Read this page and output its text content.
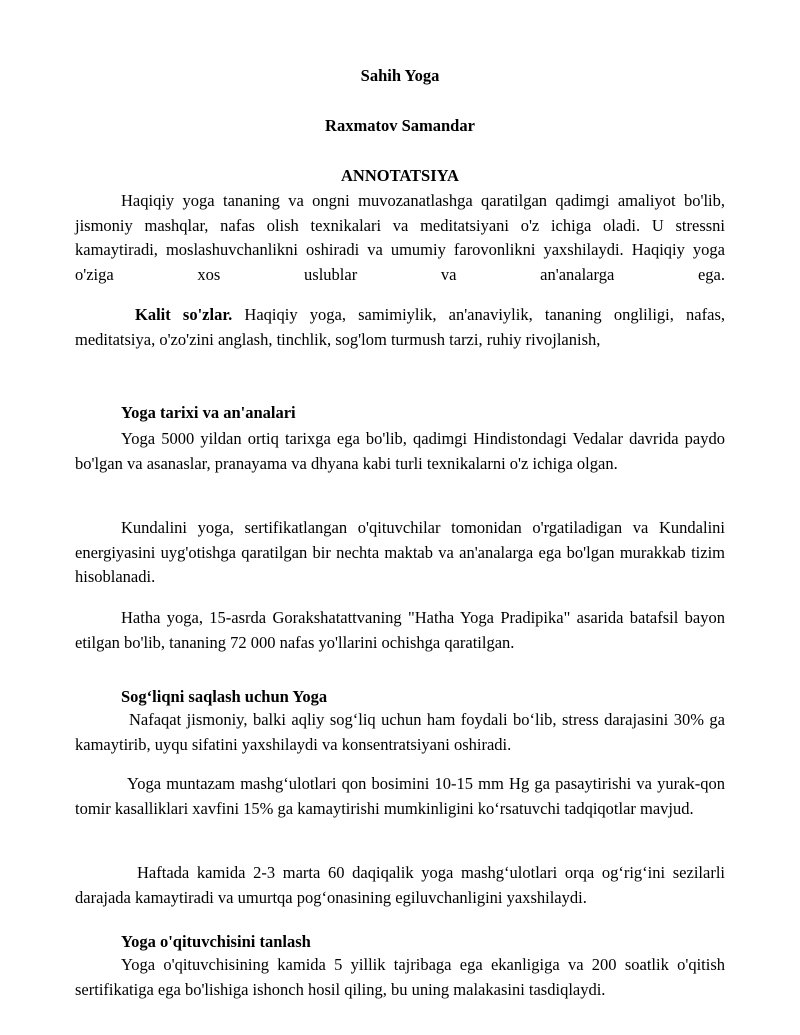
Sahih Yoga
Raxmatov Samandar
ANNOTATSIYA
Haqiqiy yoga tananing va ongni muvozanatlashga qaratilgan qadimgi amaliyot bo'lib, jismoniy mashqlar, nafas olish texnikalari va meditatsiyani o'z ichiga oladi. U stressni kamaytiradi, moslashuvchanlikni oshiradi va umumiy farovonlikni yaxshilaydi. Haqiqiy yoga o'ziga xos uslublar va an'analarga ega.
Kalit so'zlar. Haqiqiy yoga, samimiylik, an'anaviylik, tananing ongliligi, nafas, meditatsiya, o'zo'zini anglash, tinchlik, sog'lom turmush tarzi, ruhiy rivojlanish,
Yoga tarixi va an'analari
Yoga 5000 yildan ortiq tarixga ega bo'lib, qadimgi Hindistondagi Vedalar davrida paydo bo'lgan va asanaslar, pranayama va dhyana kabi turli texnikalarni o'z ichiga olgan.
Kundalini yoga, sertifikatlangan o'qituvchilar tomonidan o'rgatiladigan va Kundalini energiyasini uyg'otishga qaratilgan bir nechta maktab va an'analarga ega bo'lgan murakkab tizim hisoblanadi.
Hatha yoga, 15-asrda Gorakshatattvaning "Hatha Yoga Pradipika" asarida batafsil bayon etilgan bo'lib, tananing 72 000 nafas yo'llarini ochishga qaratilgan.
Sog‘liqni saqlash uchun Yoga
Nafaqat jismoniy, balki aqliy sog‘liq uchun ham foydali bo‘lib, stress darajasini 30% ga kamaytirib, uyqu sifatini yaxshilaydi va konsentratsiyani oshiradi.
Yoga muntazam mashg‘ulotlari qon bosimini 10-15 mm Hg ga pasaytirishi va yurak-qon tomir kasalliklari xavfini 15% ga kamaytirishi mumkinligini ko‘rsatuvchi tadqiqotlar mavjud.
Haftada kamida 2-3 marta 60 daqiqalik yoga mashg‘ulotlari orqa og‘rig‘ini sezilarli darajada kamaytiradi va umurtqa pog‘onasining egiluvchanligini yaxshilaydi.
Yoga o'qituvchisini tanlash
Yoga o'qituvchisining kamida 5 yillik tajribaga ega ekanligiga va 200 soatlik o'qitish sertifikatiga ega bo'lishiga ishonch hosil qiling, bu uning malakasini tasdiqlaydi.
